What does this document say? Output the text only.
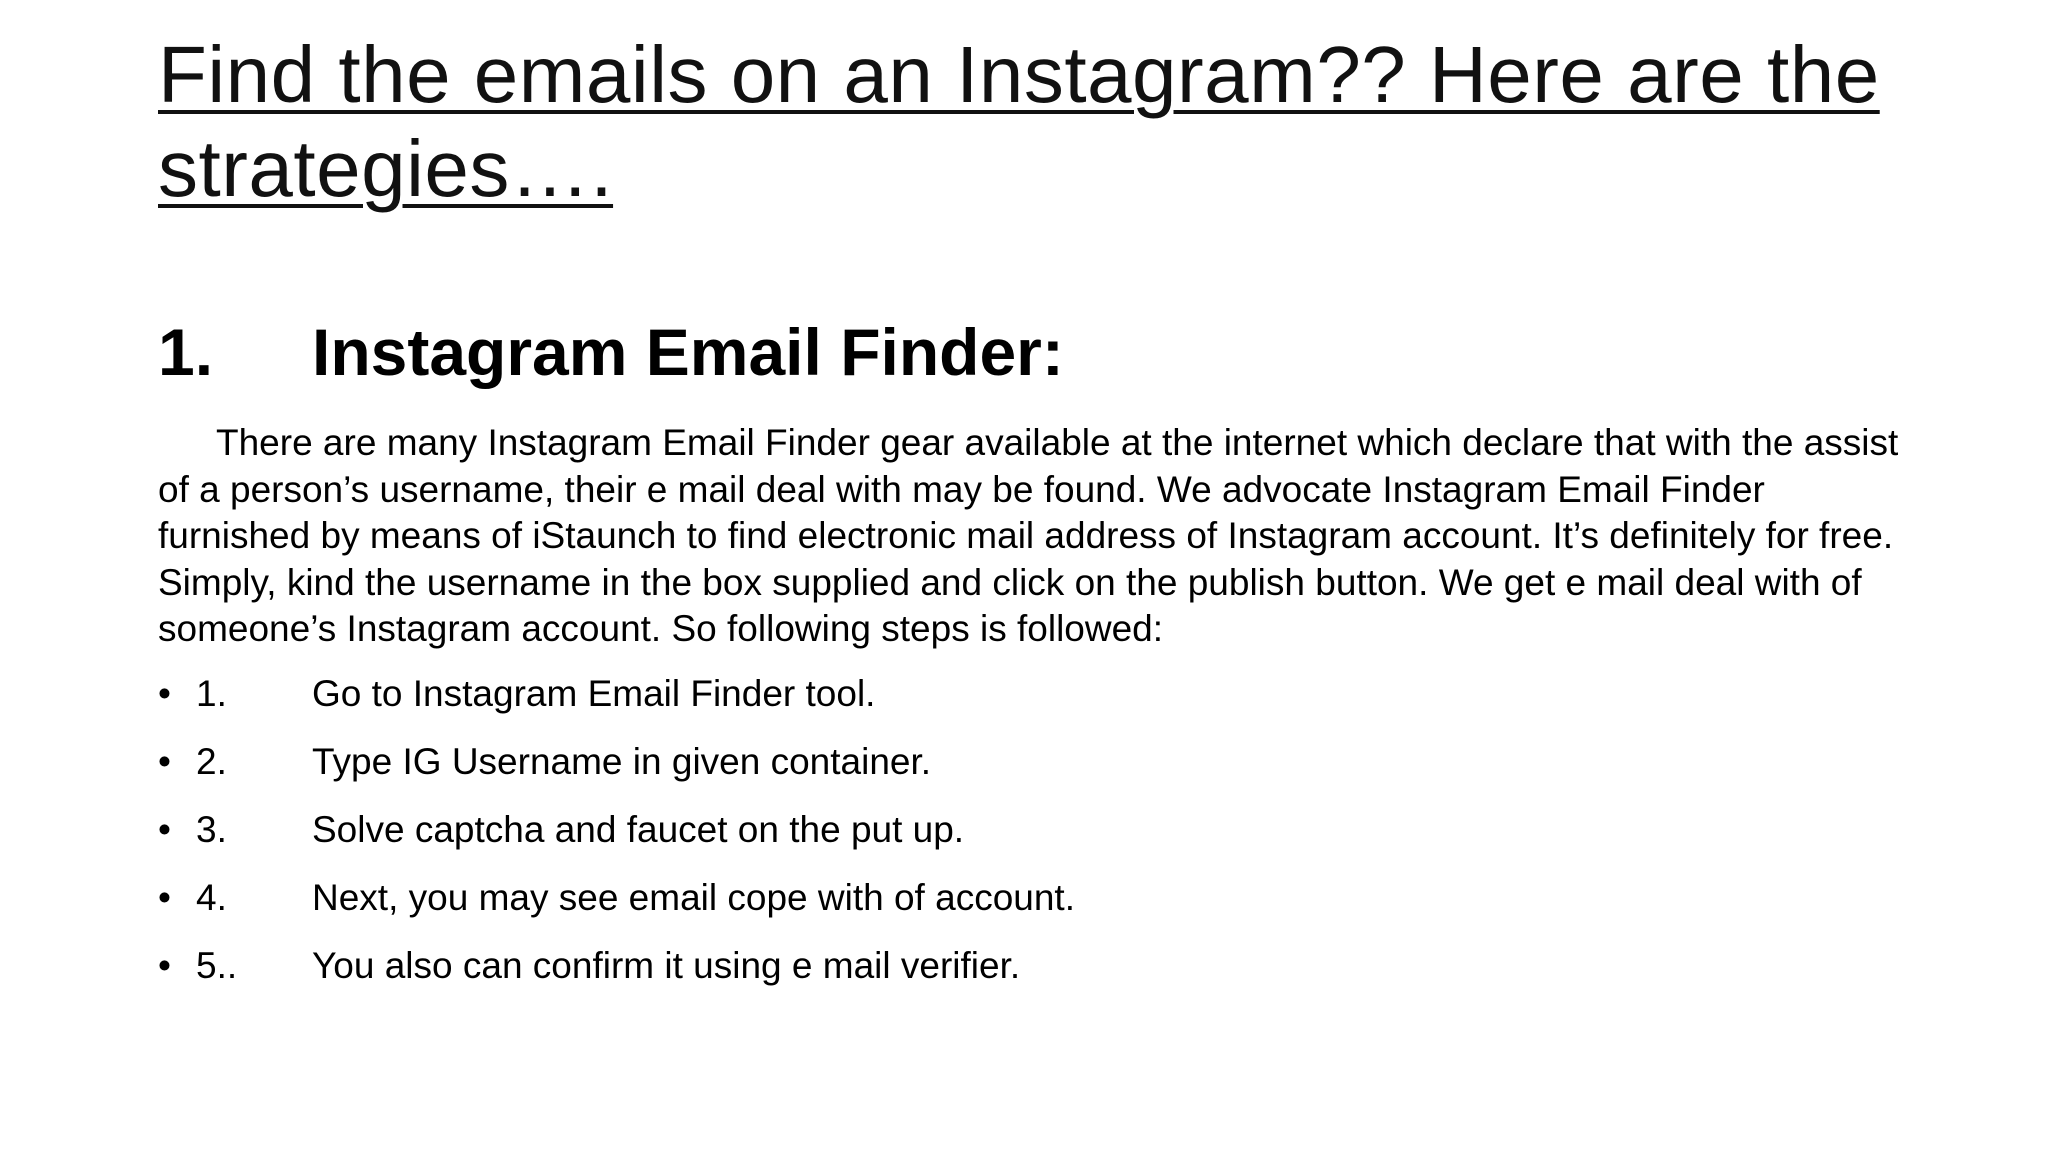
Find the emails on an Instagram?? Here are the strategies….
1. Instagram Email Finder:

There are many Instagram Email Finder gear available at the internet which declare that with the assist of a person’s username, their e mail deal with may be found. We advocate Instagram Email Finder furnished by means of iStaunch to find electronic mail address of Instagram account. It’s definitely for free. Simply, kind the username in the box supplied and click on the publish button. We get e mail deal with of someone’s Instagram account. So following steps is followed:

• 1. Go to Instagram Email Finder tool.
• 2. Type IG Username in given container.
• 3. Solve captcha and faucet on the put up.
• 4. Next, you may see email cope with of account.
• 5.. You also can confirm it using e mail verifier.
